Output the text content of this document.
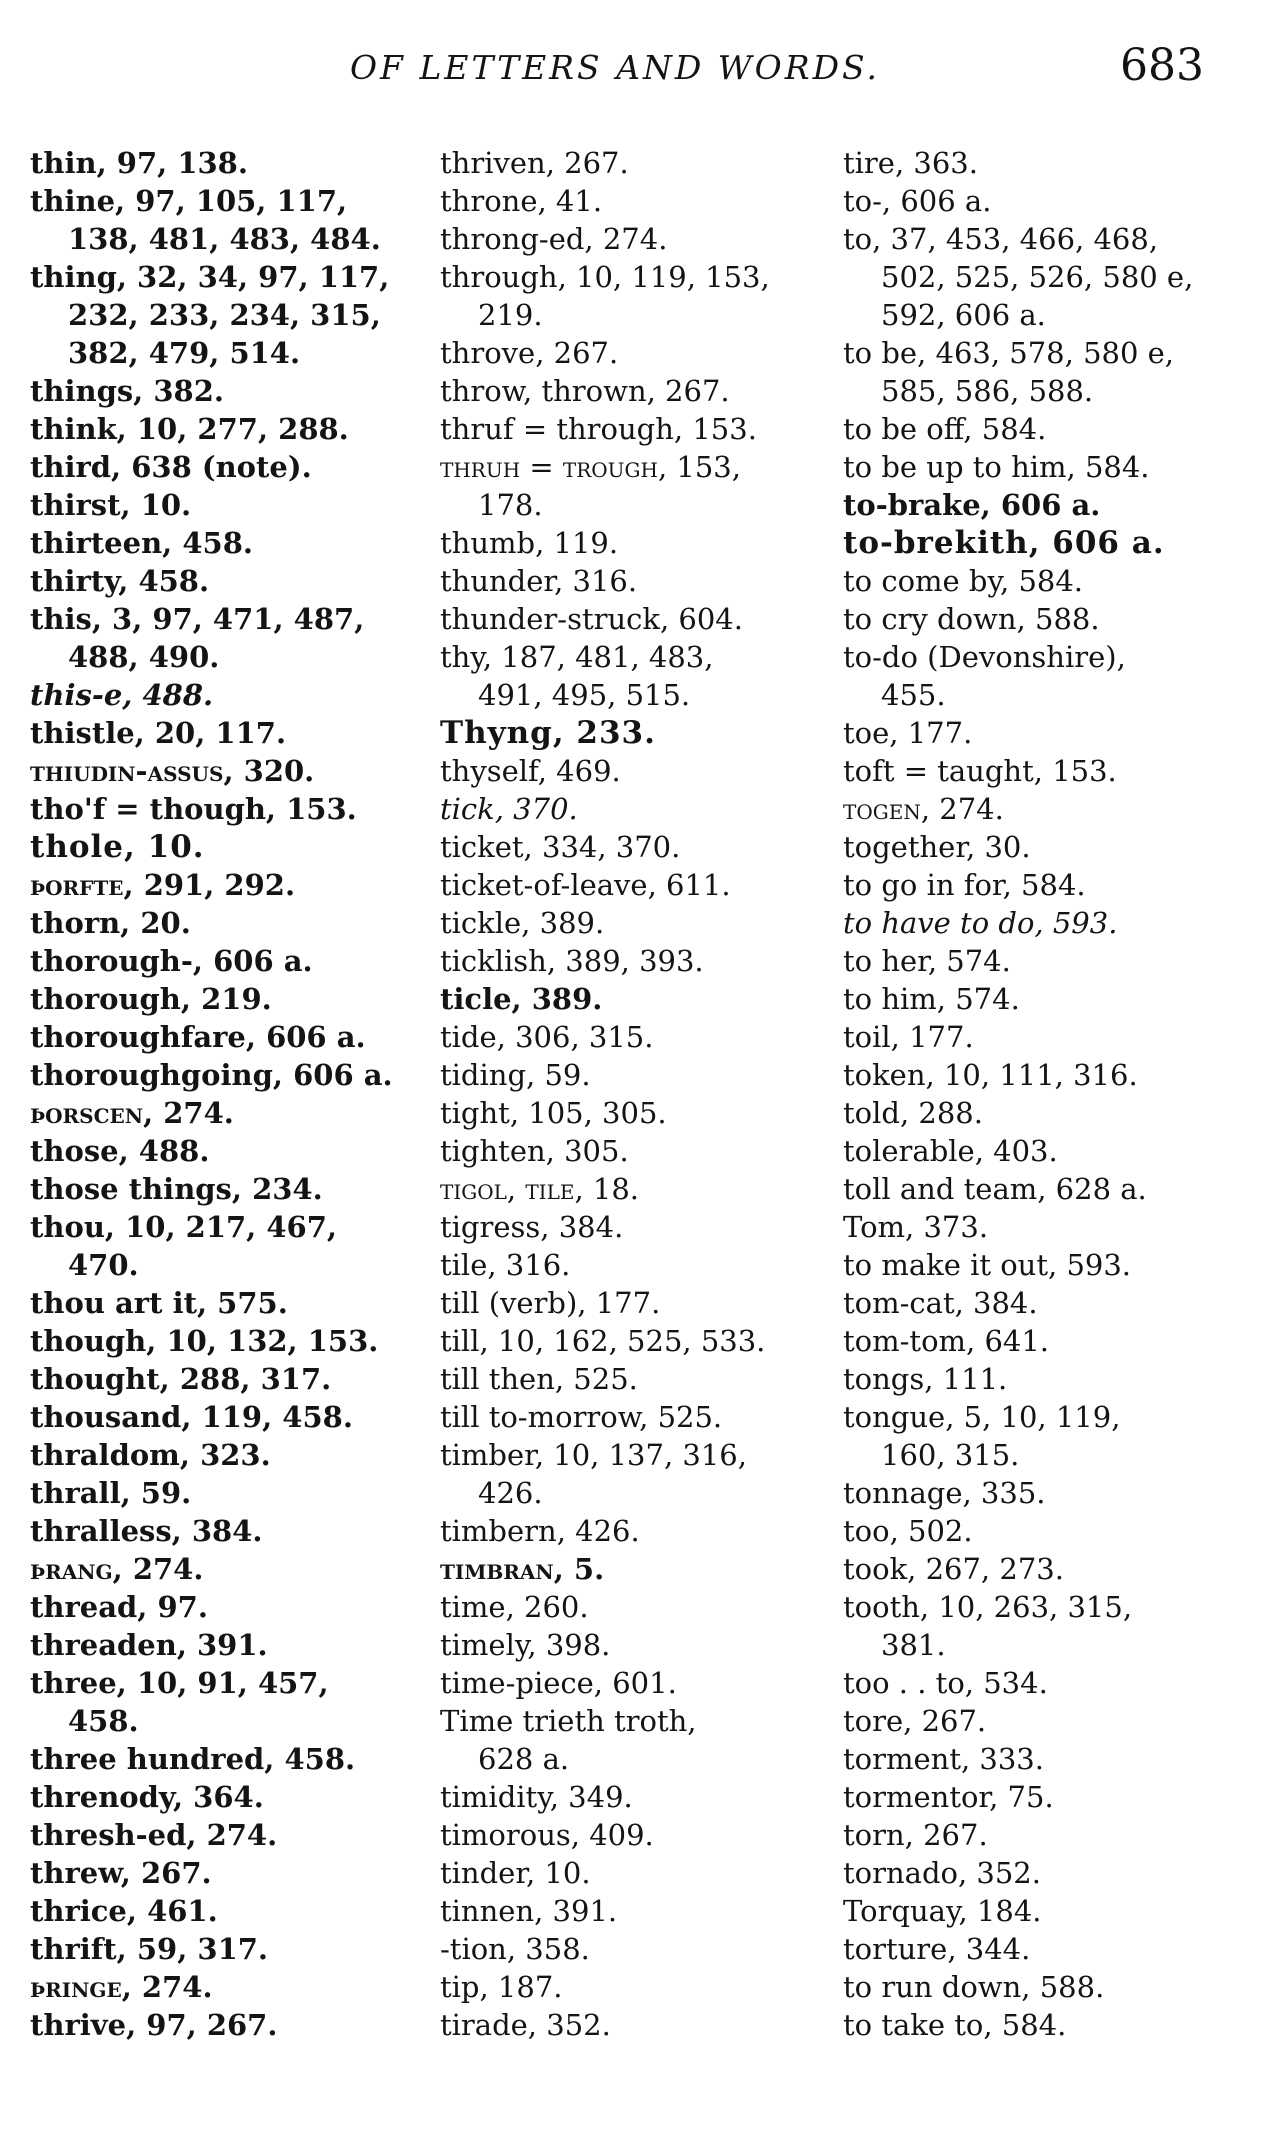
OF LETTERS AND WORDS.	683
thin, 97, 138.
thine, 97, 105, 117,
138, 481, 483, 484.
thing, 32, 34, 97, 117,
232, 233, 234, 315,
382, 479, 514.
things, 382.
think, 10, 277, 288.
third, 638 (note).
thirst, 10.
thirteen, 458.
thirty, 458.
this, 3, 97, 471, 487,
488, 490.
this-e, 488.
thistle, 20, 117.
thiudin-assus, 320.
tho'f = though, 153.
thole, 10.
þorfte, 291, 292.
thorn, 20.
thorough-, 606 a.
thorough, 219.
thoroughfare, 606 a.
thoroughgoing, 606 a.
þorscen, 274.
those, 488.
those things, 234.
thou, 10, 217, 467,
470.
thou art it, 575.
though, 10, 132, 153.
thought, 288, 317.
thousand, 119, 458.
thraldom, 323.
thrall, 59.
thralless, 384.
þrang, 274.
thread, 97.
threaden, 391.
three, 10, 91, 457,
458.
three hundred, 458.
threnody, 364.
thresh-ed, 274.
threw, 267.
thrice, 461.
thrift, 59, 317.
þringe, 274.
thrive, 97, 267.
thriven, 267.
throne, 41.
throng-ed, 274.
through, 10, 119, 153,
219.
throve, 267.
throw, thrown, 267.
thruf = through, 153.
thruh = trough, 153,
178.
thumb, 119.
thunder, 316.
thunder-struck, 604.
thy, 187, 481, 483,
491, 495, 515.
Thyng, 233.
thyself, 469.
tick, 370.
ticket, 334, 370.
ticket-of-leave, 611.
tickle, 389.
ticklish, 389, 393.
ticle, 389.
tide, 306, 315.
tiding, 59.
tight, 105, 305.
tighten, 305.
tigol, tile, 18.
tigress, 384.
tile, 316.
till (verb), 177.
till, 10, 162, 525, 533.
till then, 525.
till to-morrow, 525.
timber, 10, 137, 316,
426.
timbern, 426.
timbran, 5.
time, 260.
timely, 398.
time-piece, 601.
Time trieth troth,
628 a.
timidity, 349.
timorous, 409.
tinder, 10.
tinnen, 391.
-tion, 358.
tip, 187.
tirade, 352.
tire, 363.
to-, 606 a.
to, 37, 453, 466, 468,
502, 525, 526, 580 e,
592, 606 a.
to be, 463, 578, 580 e,
585, 586, 588.
to be off, 584.
to be up to him, 584.
to-brake, 606 a.
to-brekith, 606 a.
to come by, 584.
to cry down, 588.
to-do (Devonshire),
455.
toe, 177.
toft = taught, 153.
togen, 274.
together, 30.
to go in for, 584.
to have to do, 593.
to her, 574.
to him, 574.
toil, 177.
token, 10, 111, 316.
told, 288.
tolerable, 403.
toll and team, 628 a.
Tom, 373.
to make it out, 593.
tom-cat, 384.
tom-tom, 641.
tongs, 111.
tongue, 5, 10, 119,
160, 315.
tonnage, 335.
too, 502.
took, 267, 273.
tooth, 10, 263, 315,
381.
too . . to, 534.
tore, 267.
torment, 333.
tormentor, 75.
torn, 267.
tornado, 352.
Torquay, 184.
torture, 344.
to run down, 588.
to take to, 584.
